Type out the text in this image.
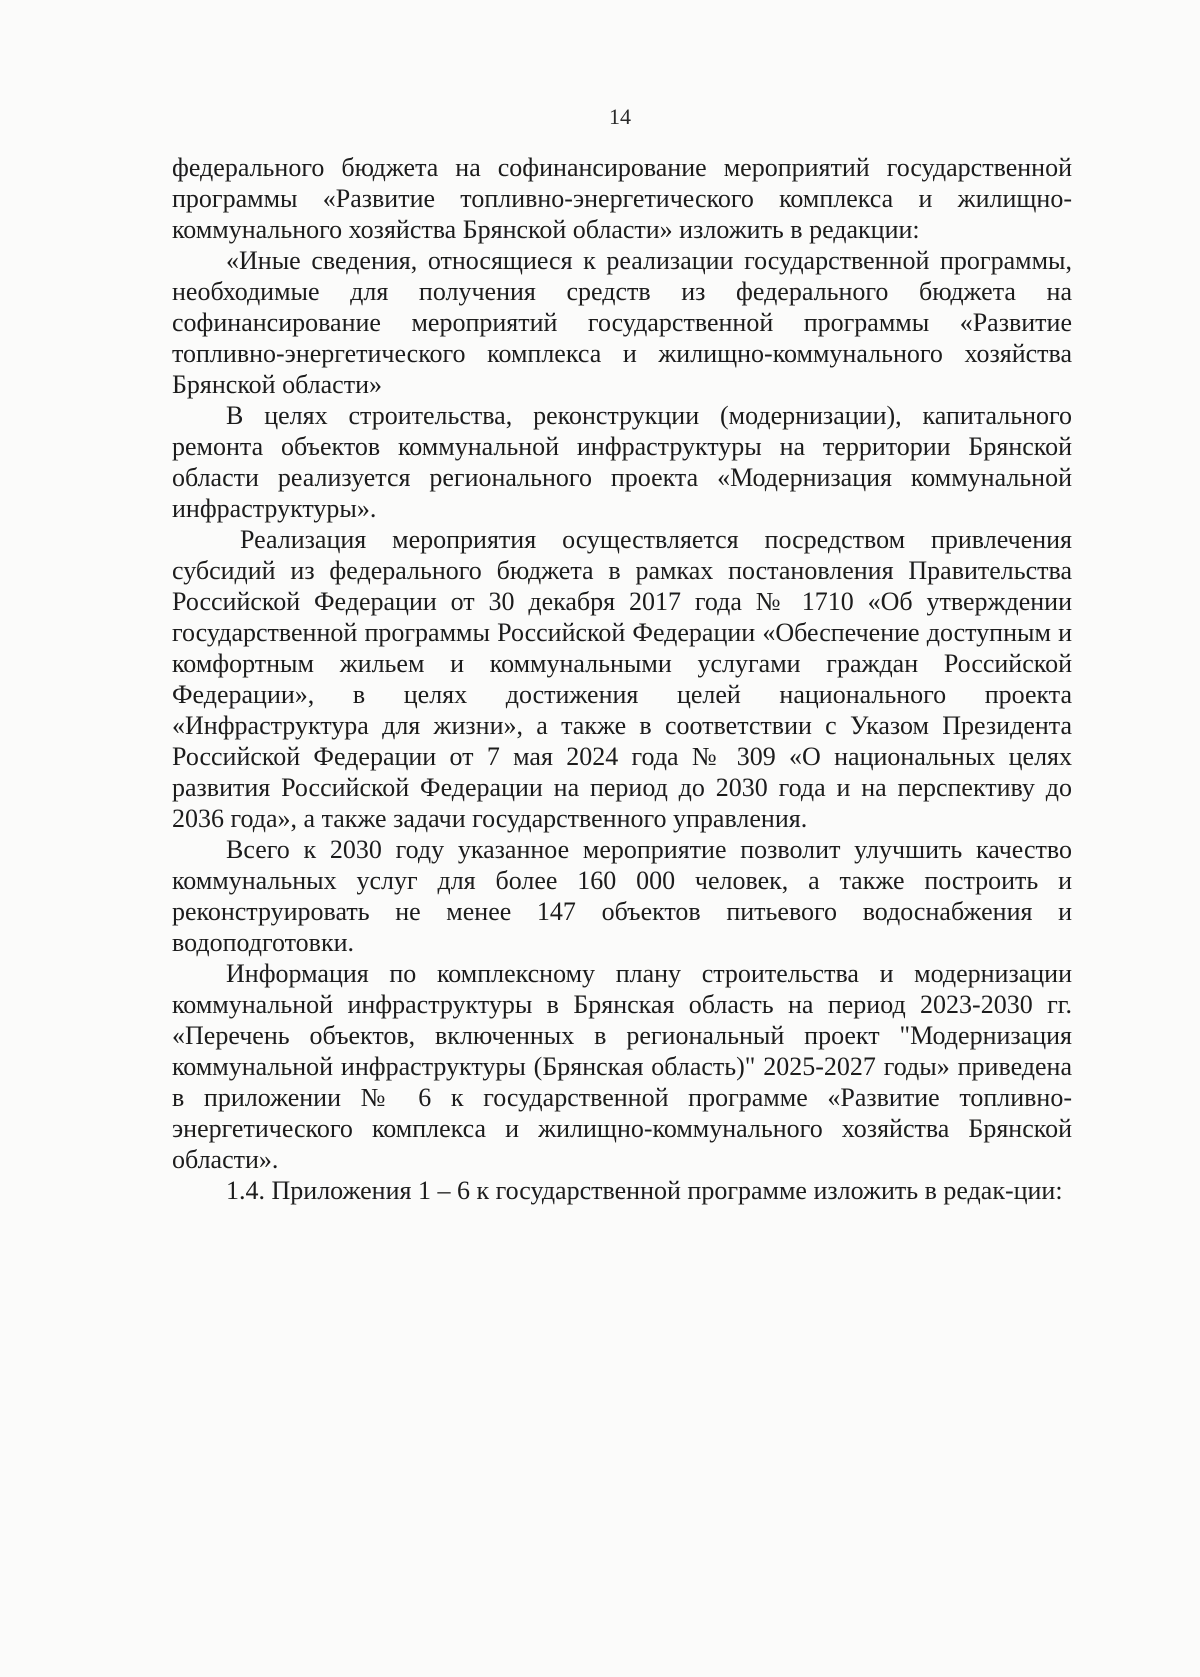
14

федерального бюджета на софинансирование мероприятий государственной программы «Развитие топливно-энергетического комплекса и жилищно-коммунального хозяйства Брянской области» изложить в редакции:

«Иные сведения, относящиеся к реализации государственной программы, необходимые для получения средств из федерального бюджета на софинансирование мероприятий государственной программы «Развитие топливно-энергетического комплекса и жилищно-коммунального хозяйства Брянской области»

В целях строительства, реконструкции (модернизации), капитального ремонта объектов коммунальной инфраструктуры на территории Брянской области реализуется регионального проекта «Модернизация коммунальной инфраструктуры».

Реализация мероприятия осуществляется посредством привлечения субсидий из федерального бюджета в рамках постановления Правительства Российской Федерации от 30 декабря 2017 года № 1710 «Об утверждении государственной программы Российской Федерации «Обеспечение доступным и комфортным жильем и коммунальными услугами граждан Российской Федерации», в целях достижения целей национального проекта «Инфраструктура для жизни», а также в соответствии с Указом Президента Российской Федерации от 7 мая 2024 года № 309 «О национальных целях развития Российской Федерации на период до 2030 года и на перспективу до 2036 года», а также задачи государственного управления.

Всего к 2030 году указанное мероприятие позволит улучшить качество коммунальных услуг для более 160 000 человек, а также построить и реконструировать не менее 147 объектов питьевого водоснабжения и водоподготовки.

Информация по комплексному плану строительства и модернизации коммунальной инфраструктуры в Брянская область на период 2023-2030 гг. «Перечень объектов, включенных в региональный проект "Модернизация коммунальной инфраструктуры (Брянская область)" 2025-2027 годы» приведена в приложении № 6 к государственной программе «Развитие топливно-энергетического комплекса и жилищно-коммунального хозяйства Брянской области».

1.4. Приложения 1 – 6 к государственной программе изложить в редак-ции:
